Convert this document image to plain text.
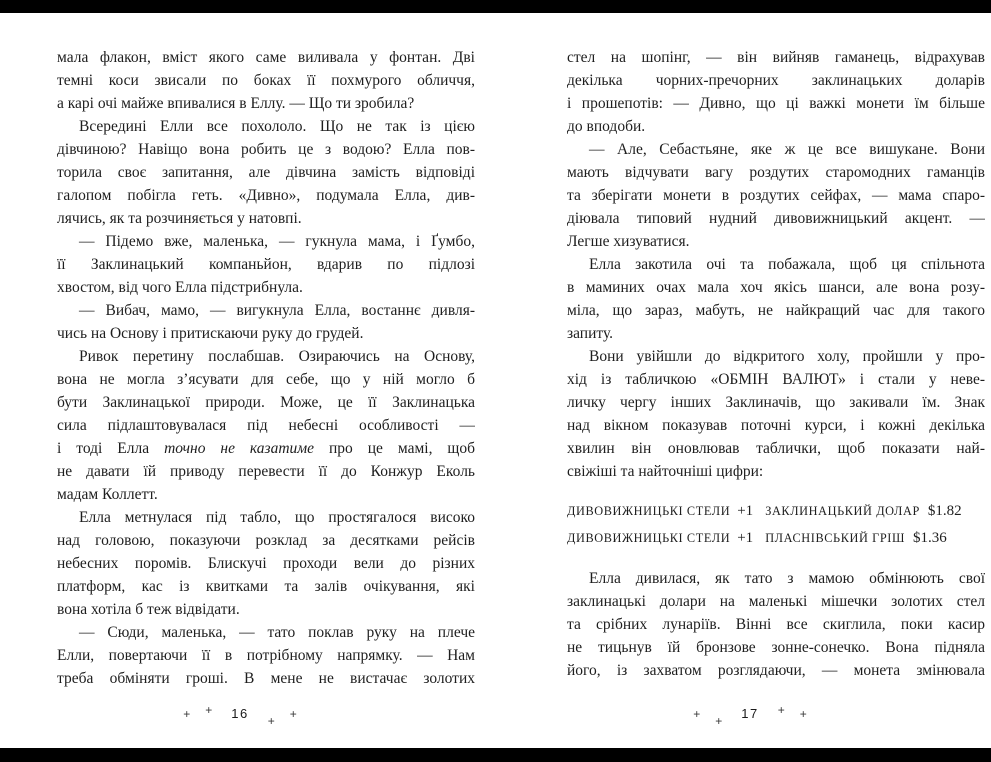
мала флакон, вміст якого саме виливала у фонтан. Дві
темні коси звисали по боках її похмурого обличчя,
а карі очі майже впивалися в Еллу. — Що ти зробила?
Всередині Елли все похололо. Що не так із цією
дівчиною? Навіщо вона робить це з водою? Елла пов-
торила своє запитання, але дівчина замість відповіді
галопом побігла геть. «Дивно», подумала Елла, див-
лячись, як та розчиняється у натовпі.
— Підемо вже, маленька, — гукнула мама, і Ґумбо,
її Заклинацький компаньйон, вдарив по підлозі
хвостом, від чого Елла підстрибнула.
— Вибач, мамо, — вигукнула Елла, востаннє дивля-
чись на Основу і притискаючи руку до грудей.
Ривок перетину послабшав. Озираючись на Основу,
вона не могла з’ясувати для себе, що у ній могло б
бути Заклинацької природи. Може, це її Заклинацька
сила підлаштовувалася під небесні особливості —
і тоді Елла точно не казатиме про це мамі, щоб
не давати їй приводу перевести її до Конжур Еколь
мадам Коллетт.
Елла метнулася під табло, що простягалося високо
над головою, показуючи розклад за десятками рейсів
небесних поромів. Блискучі проходи вели до різних
платформ, кас із квитками та залів очікування, які
вона хотіла б теж відвідати.
— Сюди, маленька, — тато поклав руку на плече
Елли, повертаючи її в потрібному напрямку. — Нам
треба обміняти гроші. В мене не вистачає золотих
стел на шопінг, — він вийняв гаманець, відрахував
декілька чорних-пречорних заклинацьких доларів
і прошепотів: — Дивно, що ці важкі монети їм більше
до вподоби.
— Але, Себастьяне, яке ж це все вишукане. Вони
мають відчувати вагу роздутих старомодних гаманців
та зберігати монети в роздутих сейфах, — мама спаро-
діювала типовий нудний дивовижницький акцент. —
Легше хизуватися.
Елла закотила очі та побажала, щоб ця спільнота
в маминих очах мала хоч якісь шанси, але вона розу-
міла, що зараз, мабуть, не найкращий час для такого
запиту.
Вони увійшли до відкритого холу, пройшли у про-
хід із табличкою «ОБМІН ВАЛЮТ» і стали у неве-
личку чергу інших Заклиначів, що закивали їм. Знак
над вікном показував поточні курси, і кожні декілька
хвилин він оновлював таблички, щоб показати най-
свіжіші та найточніші цифри:
ДИВОВИЖНИЦЬКІ СТЕЛИ +1 ЗАКЛИНАЦЬКИЙ ДОЛАР $1.82
ДИВОВИЖНИЦЬКІ СТЕЛИ +1 ПЛАСНІВСЬКИЙ ГРІШ $1.36
Елла дивилася, як тато з мамою обмінюють свої
заклинацькі долари на маленькі мішечки золотих стел
та срібних лунаріїв. Вінні все скиглила, поки касир
не тицьнув їй бронзове зонне-сонечко. Вона підняла
його, із захватом розглядаючи, — монета змінювала
+ + 16 + +	+ + 17 + +
